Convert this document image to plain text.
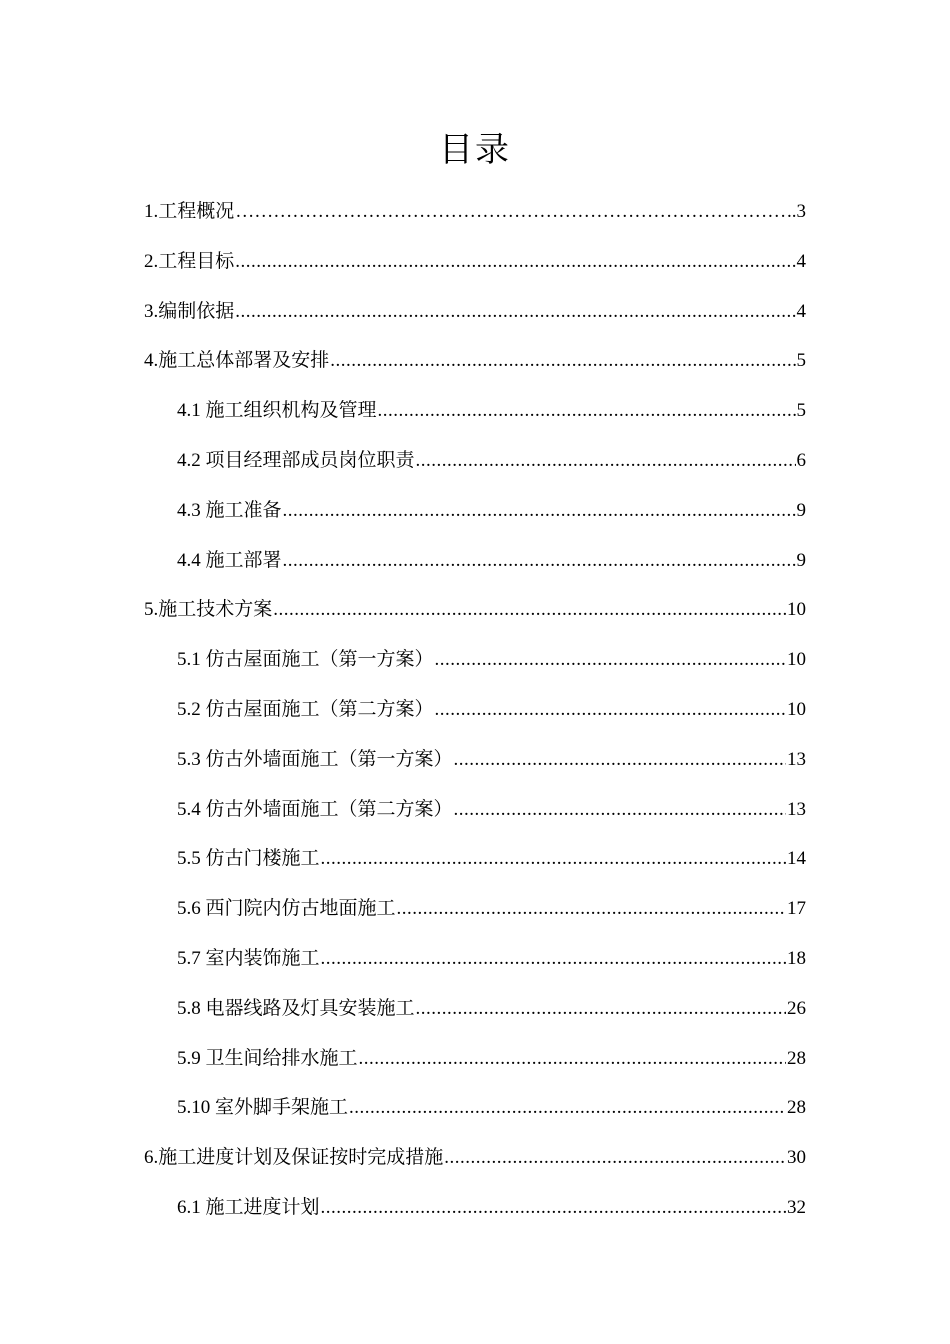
目录
1.工程概况 ………………………………………………………………………………………………………………………………………………	.3
2.工程目标 .....	4
3.编制依据 .....	4
4.施工总体部署及安排 .....	5
4.1 施工组织机构及管理 .....	5
4.2 项目经理部成员岗位职责 .....	6
4.3 施工准备 .....	9
4.4 施工部署 .....	9
5.施工技术方案 .....	10
5.1 仿古屋面施工（第一方案） .....	10
5.2 仿古屋面施工（第二方案） .....	10
5.3 仿古外墙面施工（第一方案） .....	13
5.4 仿古外墙面施工（第二方案） .....	13
5.5 仿古门楼施工 .....	14
5.6 西门院内仿古地面施工 .....	17
5.7 室内装饰施工 .....	18
5.8 电器线路及灯具安装施工 .....	26
5.9 卫生间给排水施工 .....	28
5.10 室外脚手架施工 .....	28
6.施工进度计划及保证按时完成措施 .....	30
6.1 施工进度计划 .....	32
